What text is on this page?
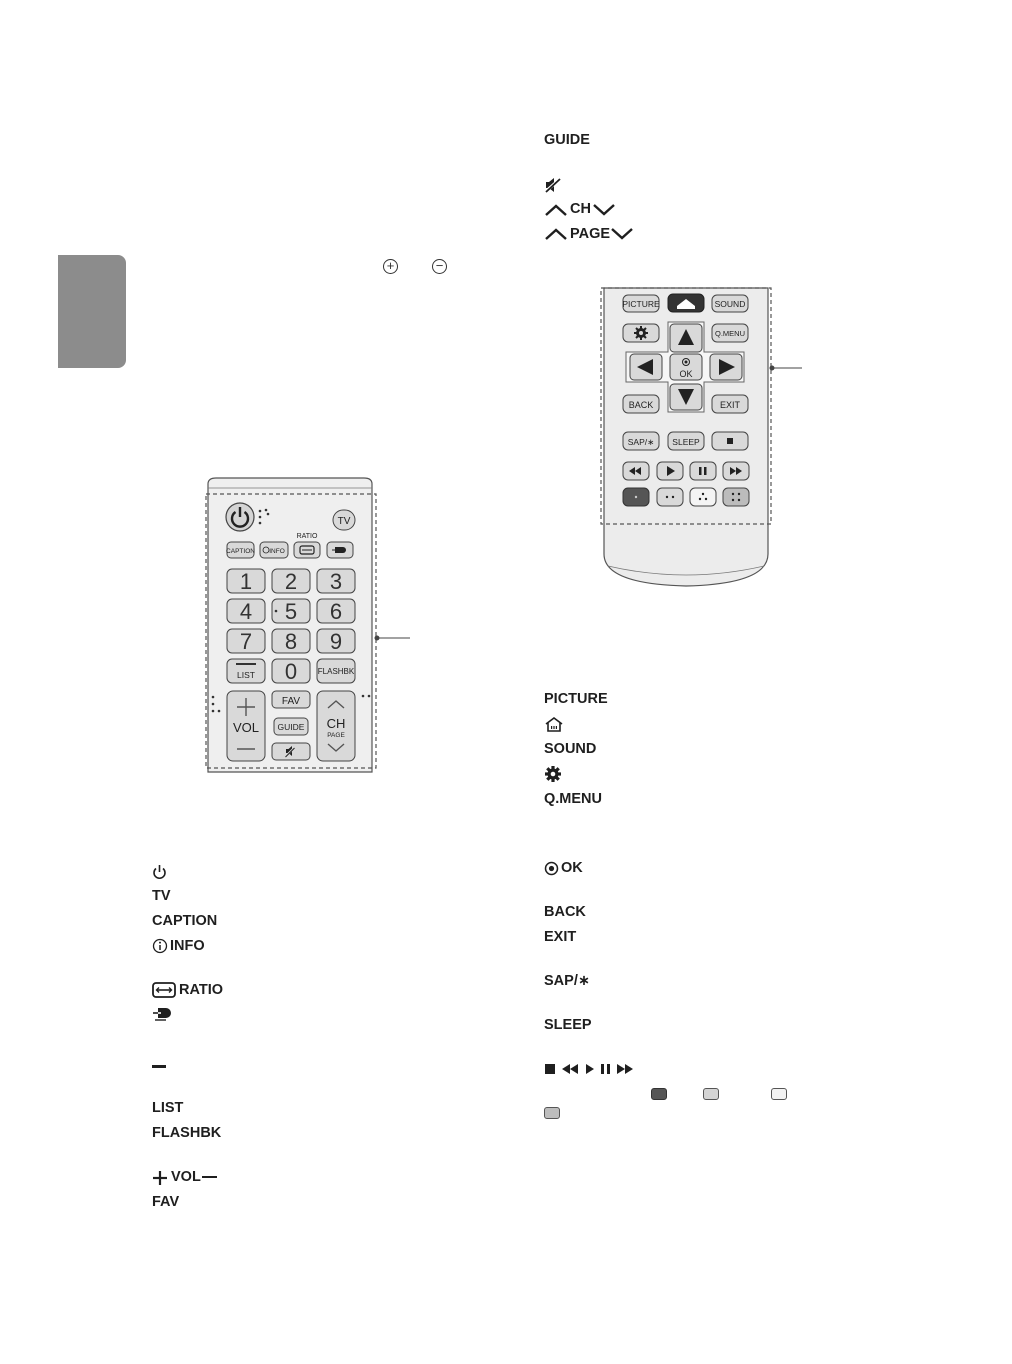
+	−
GUIDE
CH
PAGE
TV
CAPTION INFO
RATIO
1 2 3
4 5 6
7 8 9
0
LIST	FLASHBK
VOL
FAV
GUIDE CH
PAGE
PICTURE	SOUND
Q.MENU
OK
BACK	EXIT
SAP/∗ SLEEP
TV
CAPTION
INFO
RATIO
LIST
FLASHBK
VOL
FAV
PICTURE
SOUND
Q.MENU
OK
BACK
EXIT
SAP/∗
SLEEP
